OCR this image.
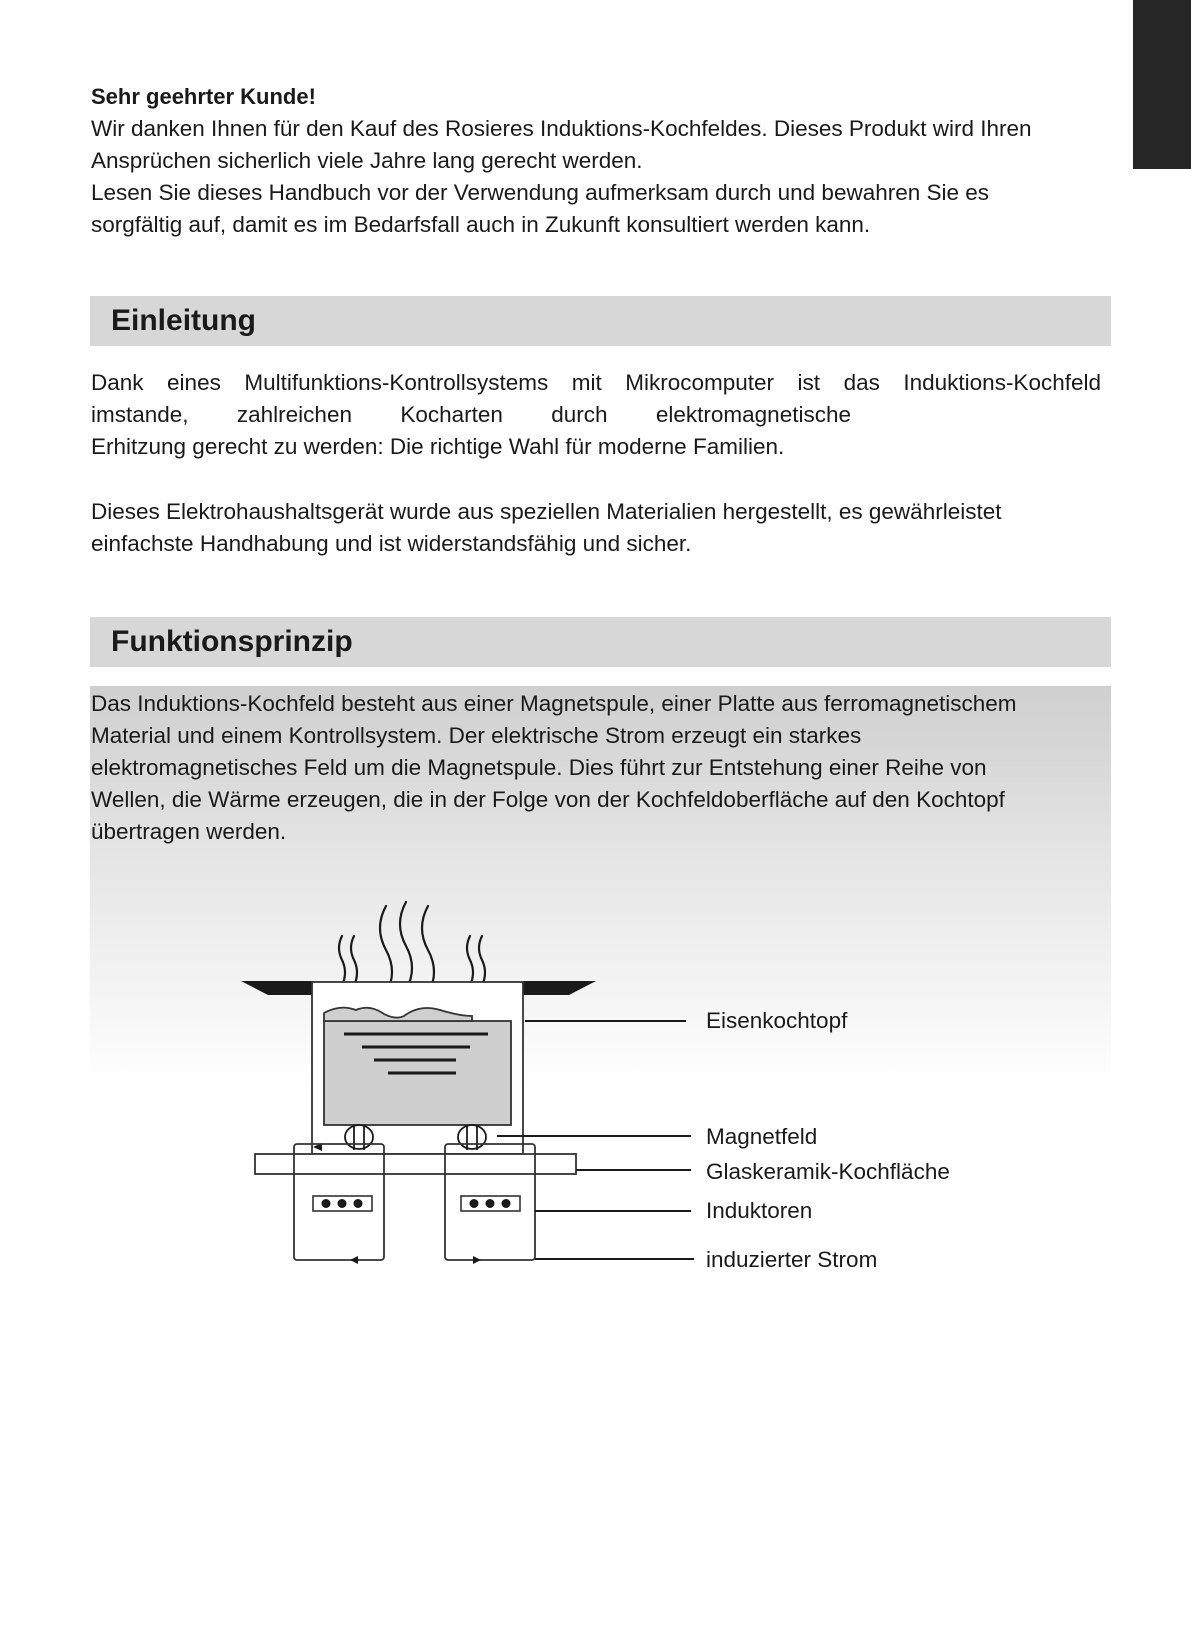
Sehr geehrter Kunde!
Wir danken Ihnen für den Kauf des Rosieres Induktions-Kochfeldes. Dieses Produkt wird Ihren
Ansprüchen sicherlich viele Jahre lang gerecht werden.
Lesen Sie dieses Handbuch vor der Verwendung aufmerksam durch und bewahren Sie es
sorgfältig auf, damit es im Bedarfsfall auch in Zukunft konsultiert werden kann.
Einleitung
Dank eines Multifunktions-Kontrollsystems mit Mikrocomputer ist das Induktions-Kochfeld
imstande, zahlreichen Kocharten durch elektromagnetische
Erhitzung gerecht zu werden: Die richtige Wahl für moderne Familien.
Dieses Elektrohaushaltsgerät wurde aus speziellen Materialien hergestellt, es gewährleistet
einfachste Handhabung und ist widerstandsfähig und sicher.
Funktionsprinzip
Das Induktions-Kochfeld besteht aus einer Magnetspule, einer Platte aus ferromagnetischem
Material und einem Kontrollsystem. Der elektrische Strom erzeugt ein starkes
elektromagnetisches Feld um die Magnetspule. Dies führt zur Entstehung einer Reihe von
Wellen, die Wärme erzeugen, die in der Folge von der Kochfeldoberfläche auf den Kochtopf
übertragen werden.
Eisenkochtopf
Magnetfeld
Glaskeramik-Kochfläche
Induktoren
induzierter Strom
